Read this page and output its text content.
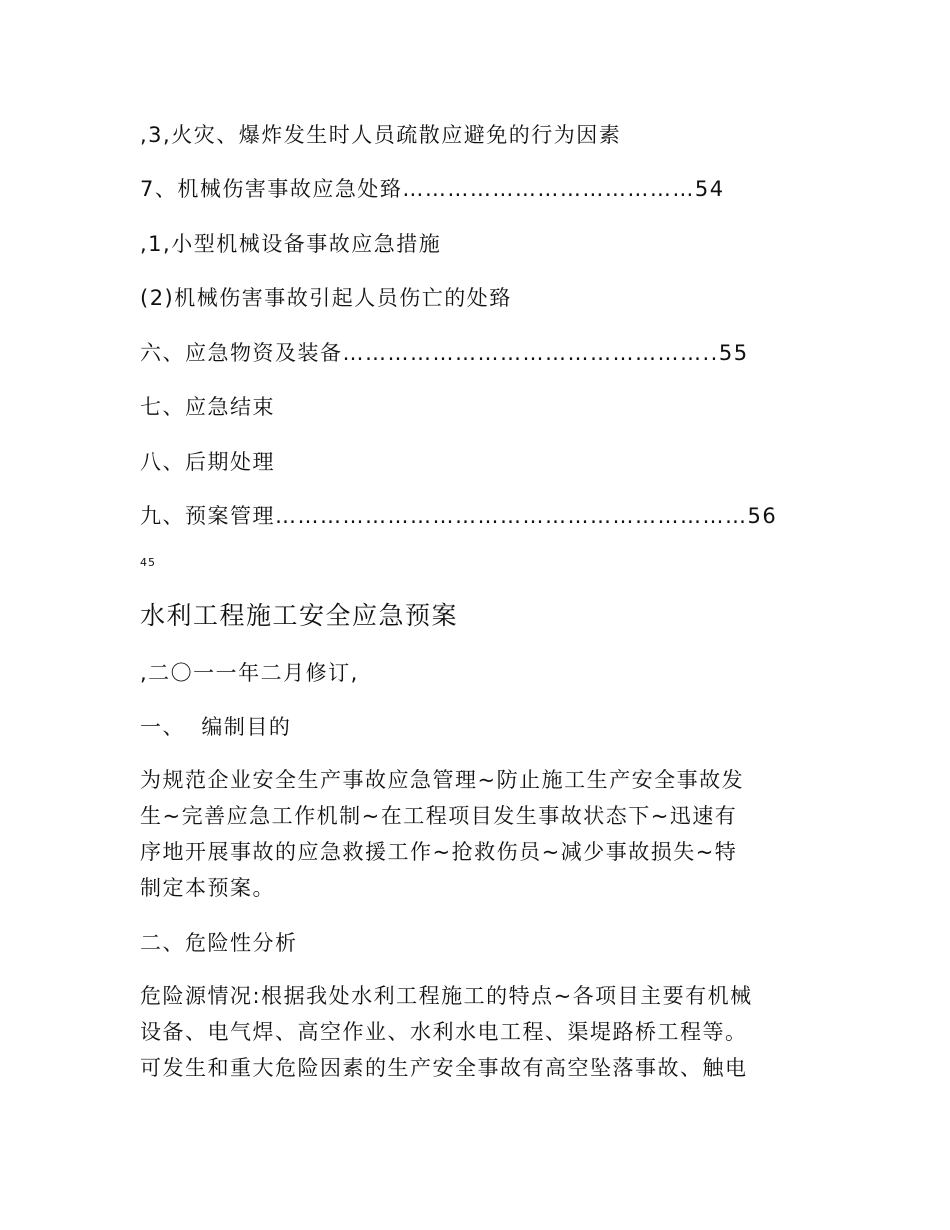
,3,火灾、爆炸发生时人员疏散应避免的行为因素
7、机械伤害事故应急处臵…………………………………54
,1,小型机械设备事故应急措施
(2)机械伤害事故引起人员伤亡的处臵
六、应急物资及装备…………………………………………..55
七、应急结束
八、后期处理
九、预案管理………………………………………………………56
45
水利工程施工安全应急预案
,二〇一一年二月修订,
一、  编制目的
为规范企业安全生产事故应急管理~防止施工生产安全事故发
生~完善应急工作机制~在工程项目发生事故状态下~迅速有
序地开展事故的应急救援工作~抢救伤员~减少事故损失~特
制定本预案。
二、危险性分析
危险源情况:根据我处水利工程施工的特点~各项目主要有机械
设备、电气焊、高空作业、水利水电工程、渠堤路桥工程等。
可发生和重大危险因素的生产安全事故有高空坠落事故、触电
